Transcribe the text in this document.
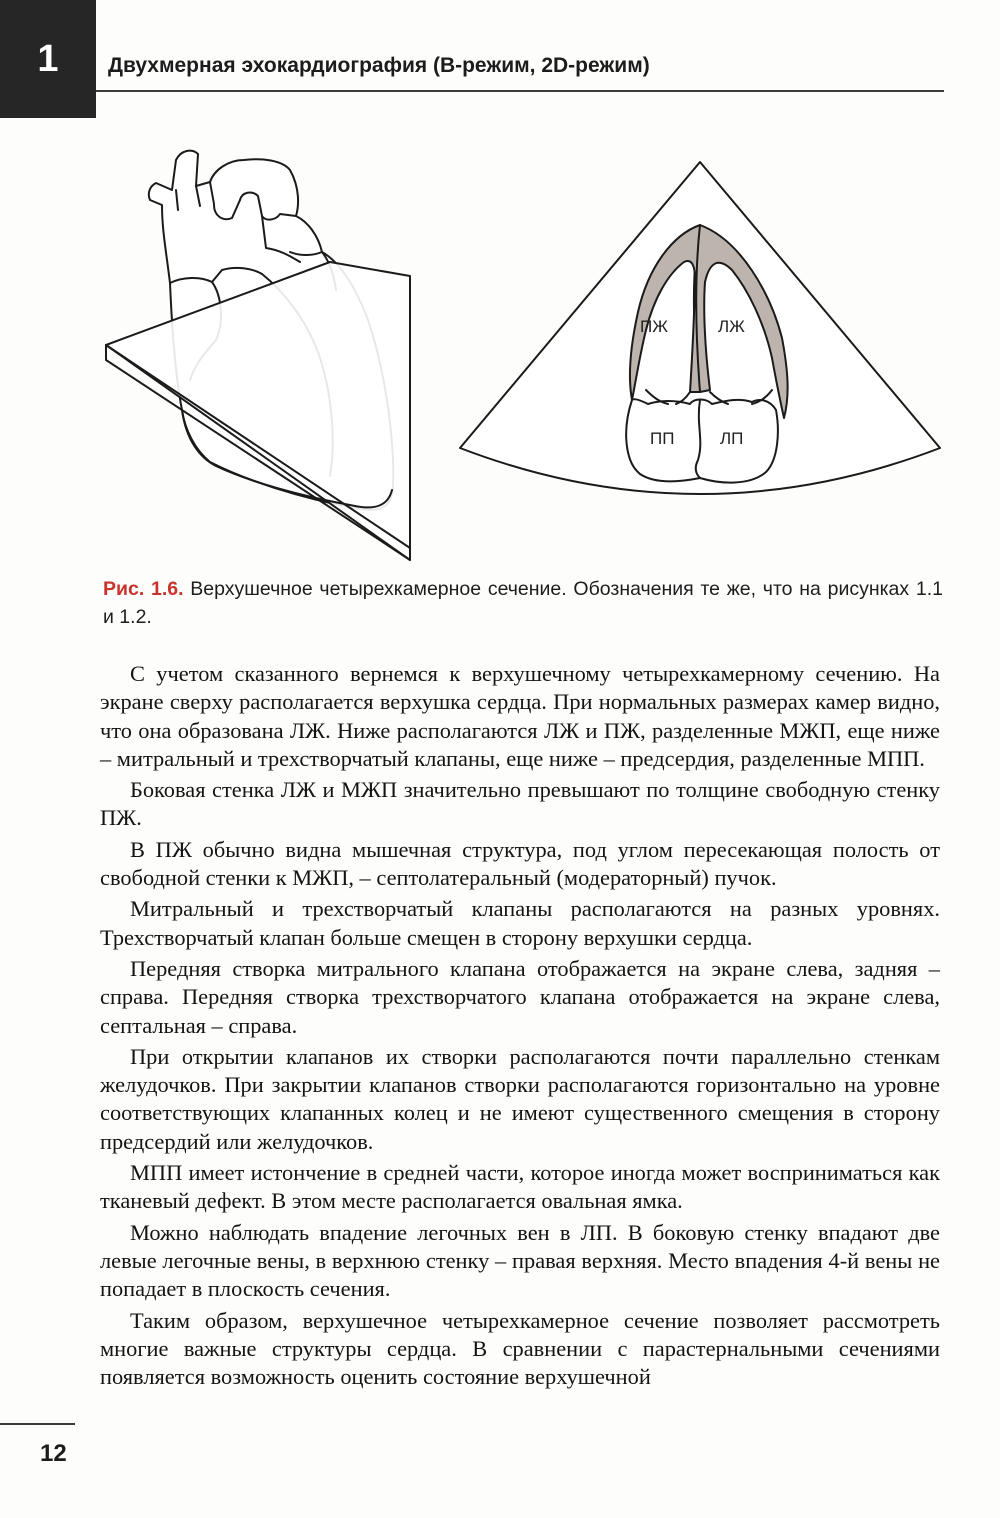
1 Двухмерная эхокардиография (В-режим, 2D-режим)
ПЖ	ЛЖ
ПП	ЛП
Рис. 1.6. Верхушечное четырехкамерное сечение. Обозначения те же, что на рисунках 1.1 и 1.2.

С учетом сказанного вернемся к верхушечному четырехкамерному сечению. На экране сверху располагается верхушка сердца. При нормальных размерах камер видно, что она образована ЛЖ. Ниже располагаются ЛЖ и ПЖ, разделенные МЖП, еще ниже – митральный и трехстворчатый клапаны, еще ниже – предсердия, разделенные МПП.

Боковая стенка ЛЖ и МЖП значительно превышают по толщине свободную стенку ПЖ.

В ПЖ обычно видна мышечная структура, под углом пересекающая полость от свободной стенки к МЖП, – септолатеральный (модераторный) пучок.

Митральный и трехстворчатый клапаны располагаются на разных уровнях. Трехстворчатый клапан больше смещен в сторону верхушки сердца.

Передняя створка митрального клапана отображается на экране слева, задняя – справа. Передняя створка трехстворчатого клапана отображается на экране слева, септальная – справа.

При открытии клапанов их створки располагаются почти параллельно стенкам желудочков. При закрытии клапанов створки располагаются горизонтально на уровне соответствующих клапанных колец и не имеют существенного смещения в сторону предсердий или желудочков.

МПП имеет истончение в средней части, которое иногда может восприниматься как тканевый дефект. В этом месте располагается овальная ямка.

Можно наблюдать впадение легочных вен в ЛП. В боковую стенку впадают две левые легочные вены, в верхнюю стенку – правая верхняя. Место впадения 4-й вены не попадает в плоскость сечения.

Таким образом, верхушечное четырехкамерное сечение позволяет рассмотреть многие важные структуры сердца. В сравнении с парастернальными сечениями появляется возможность оценить состояние верхушечной

12
